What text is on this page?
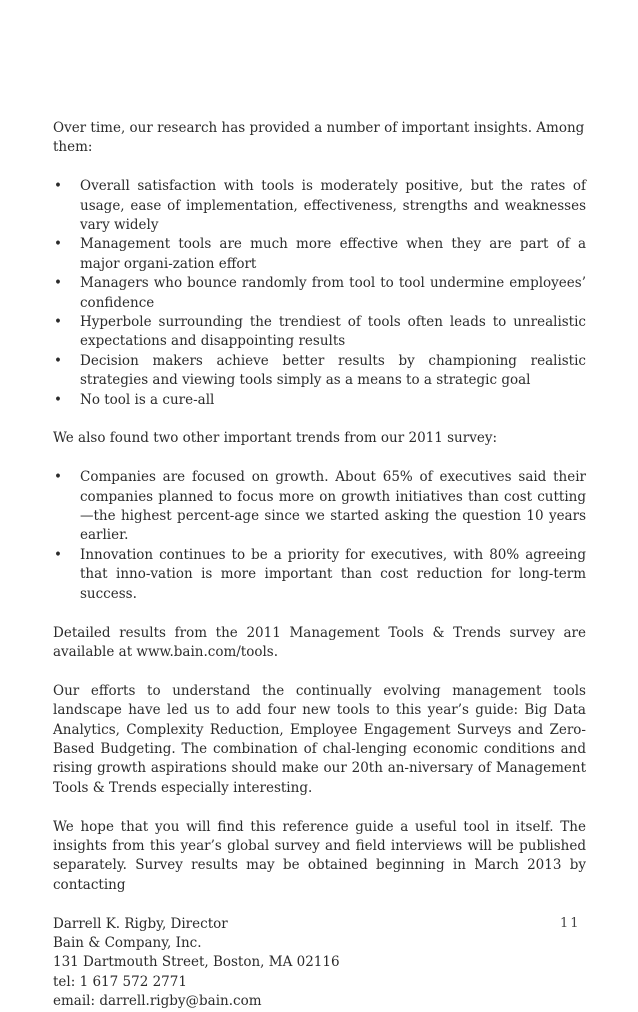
Over time, our research has provided a number of important insights. Among them:

• Overall satisfaction with tools is moderately positive, but the rates of usage, ease of implementation, effectiveness, strengths and weaknesses vary widely
• Management tools are much more effective when they are part of a major organi-zation effort
• Managers who bounce randomly from tool to tool undermine employees’ confidence
• Hyperbole surrounding the trendiest of tools often leads to unrealistic expectations and disappointing results
• Decision makers achieve better results by championing realistic strategies and viewing tools simply as a means to a strategic goal
• No tool is a cure-all

We also found two other important trends from our 2011 survey:

• Companies are focused on growth. About 65% of executives said their companies planned to focus more on growth initiatives than cost cutting—the highest percent-age since we started asking the question 10 years earlier.
• Innovation continues to be a priority for executives, with 80% agreeing that inno-vation is more important than cost reduction for long-term success.

Detailed results from the 2011 Management Tools & Trends survey are available at www.bain.com/tools.

Our efforts to understand the continually evolving management tools landscape have led us to add four new tools to this year’s guide: Big Data Analytics, Complexity Reduction, Employee Engagement Surveys and Zero-Based Budgeting. The combination of chal-lenging economic conditions and rising growth aspirations should make our 20th an-niversary of Management Tools & Trends especially interesting.

We hope that you will find this reference guide a useful tool in itself. The insights from this year’s global survey and field interviews will be published separately. Survey results may be obtained beginning in March 2013 by contacting

Darrell K. Rigby, Director

Bain & Company, Inc.

131 Dartmouth Street, Boston, MA 02116

tel: 1 617 572 2771

email: darrell.rigby@bain.com

11
